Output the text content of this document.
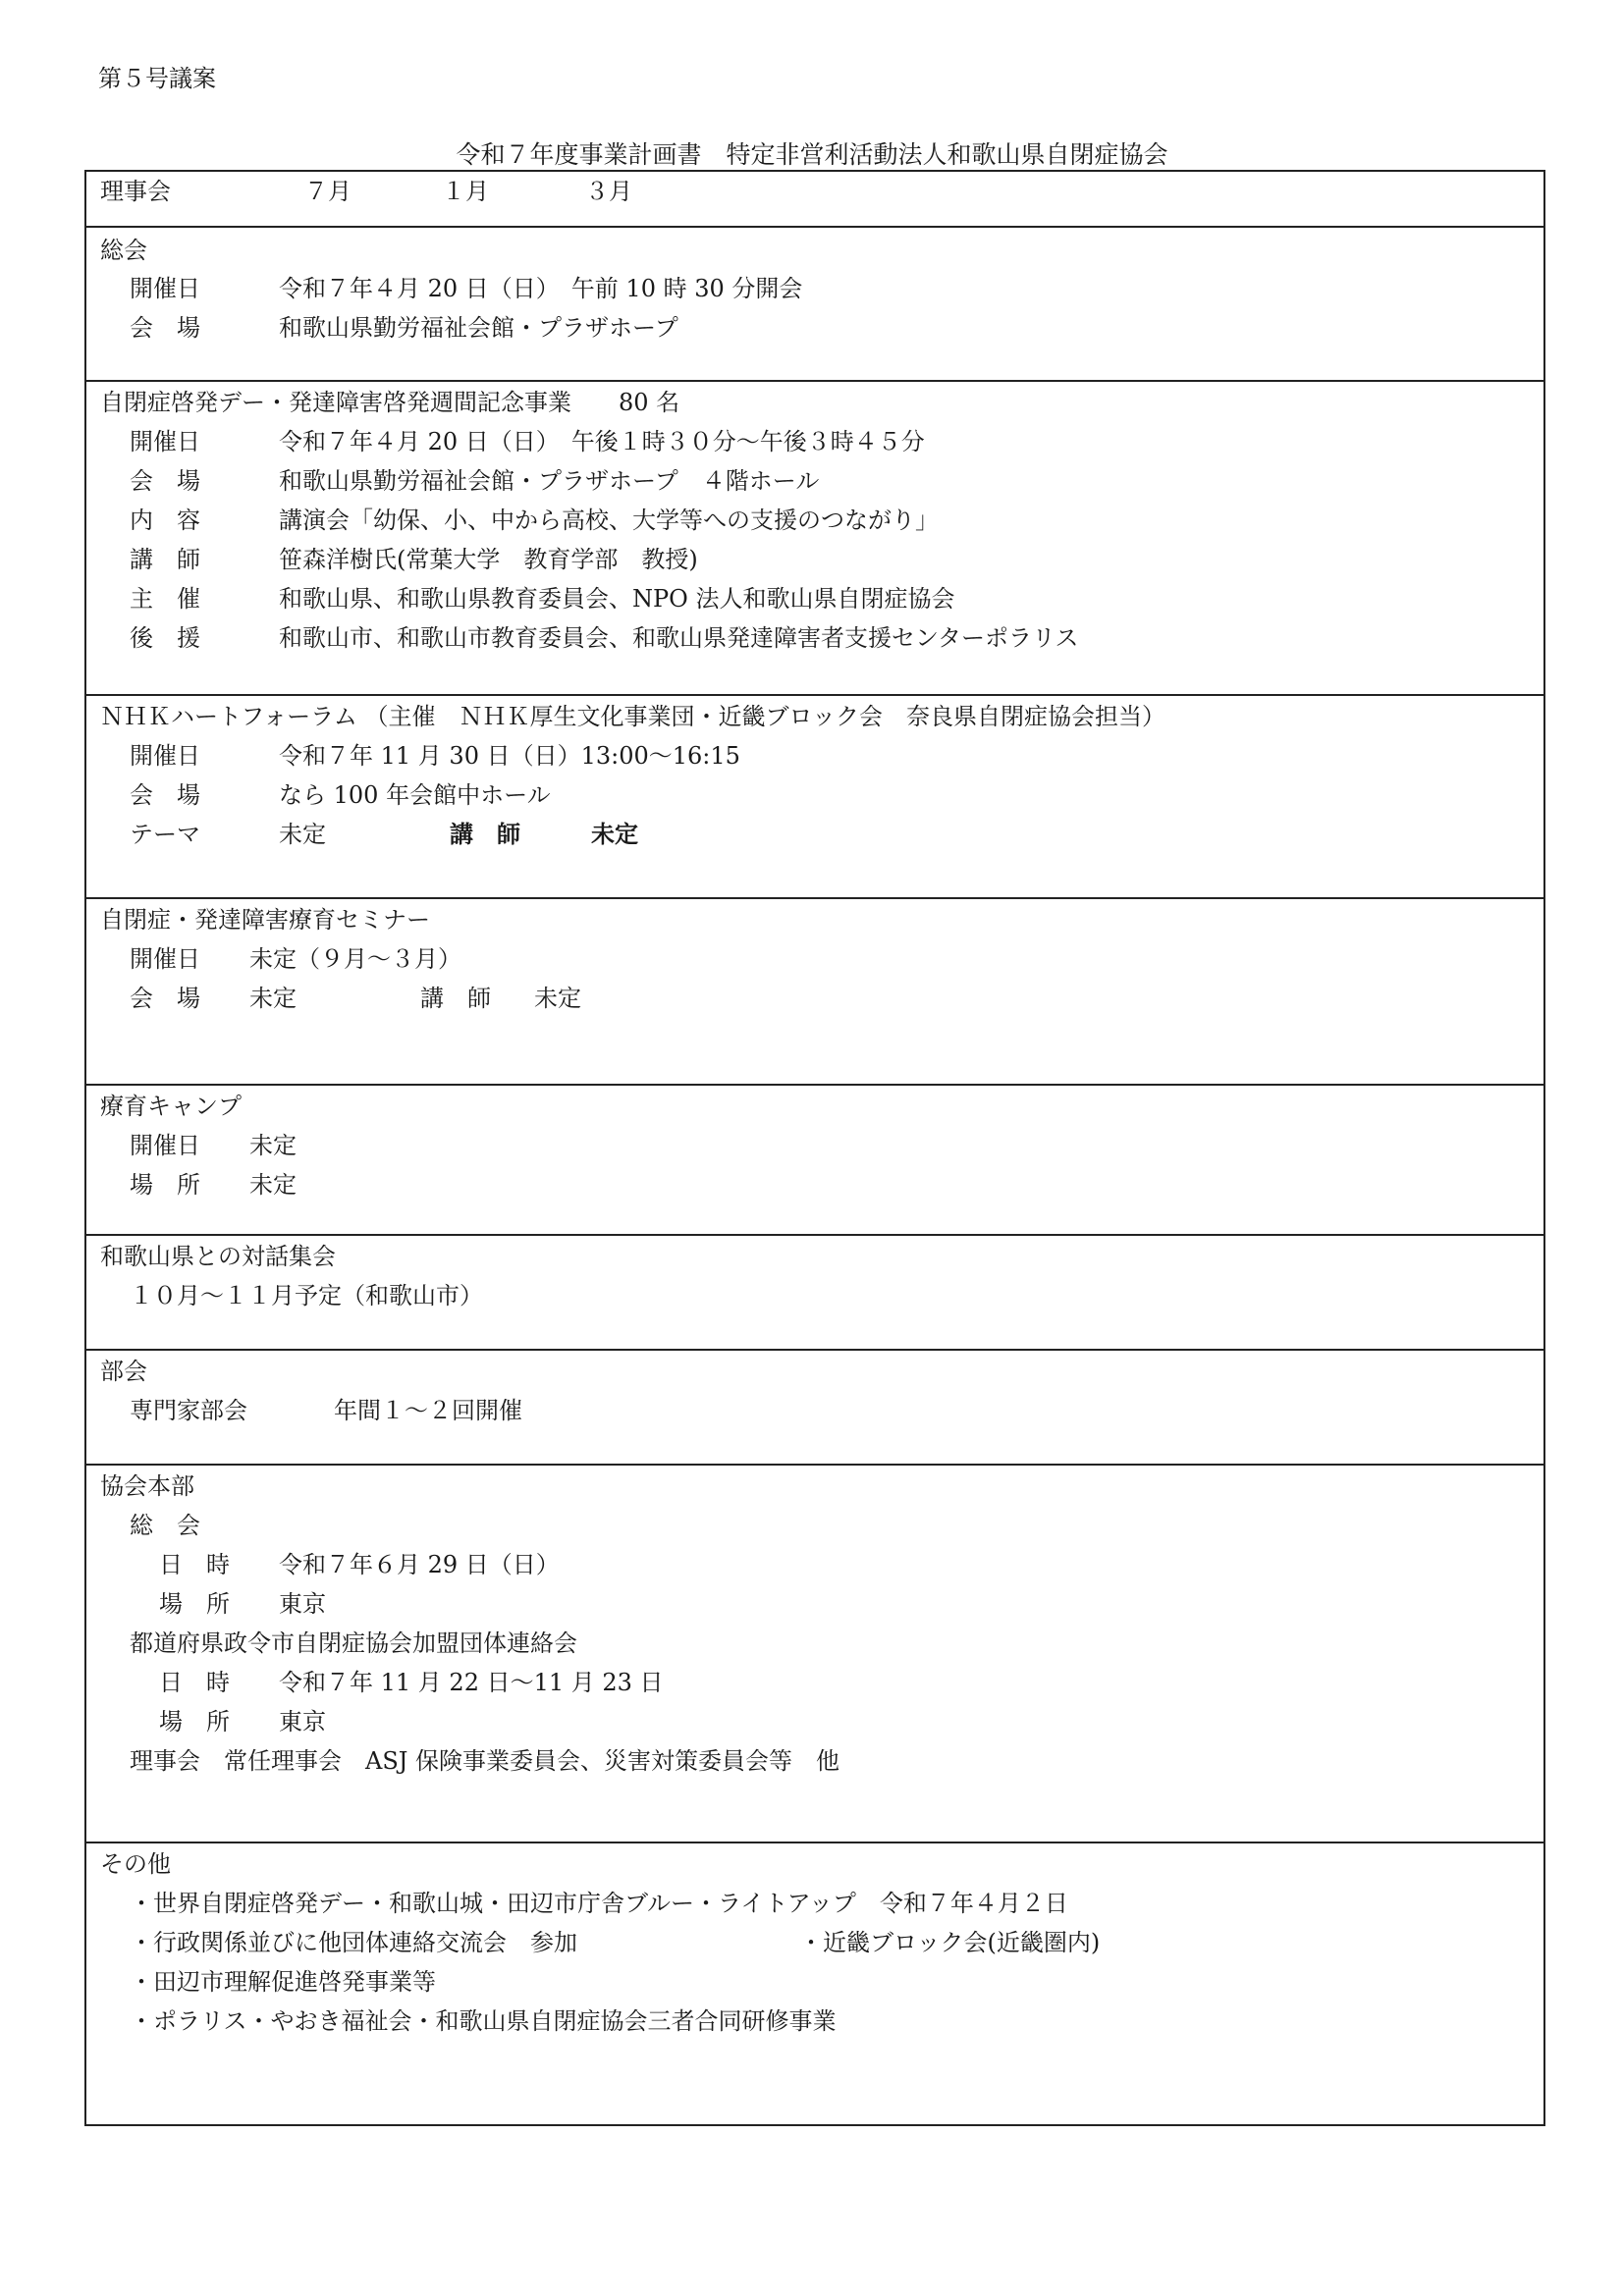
第５号議案
令和７年度事業計画書　特定非営利活動法人和歌山県自閉症協会
理事会	７月	１月	３月
総会
開催日	令和７年４月 20 日（日）　午前 10 時 30 分開会
会　場	和歌山県勤労福祉会館・プラザホープ
自閉症啓発デー・発達障害啓発週間記念事業　　80 名
開催日	令和７年４月 20 日（日）　午後１時３０分～午後３時４５分
会　場	和歌山県勤労福祉会館・プラザホープ　４階ホール
内　容	講演会「幼保、小、中から高校、大学等への支援のつながり」
講　師	笹森洋樹氏(常葉大学　教育学部　教授)
主　催	和歌山県、和歌山県教育委員会、NPO 法人和歌山県自閉症協会
後　援	和歌山市、和歌山市教育委員会、和歌山県発達障害者支援センターポラリス
ＮＨＫハートフォーラム （主催　ＮＨＫ厚生文化事業団・近畿ブロック会　奈良県自閉症協会担当）
開催日	令和７年 11 月 30 日（日）13:00～16:15
会　場	なら 100 年会館中ホール
テーマ	未定	講　師	未定
自閉症・発達障害療育セミナー
開催日 未定（９月～３月）
会　場 未定	講　師 未定
療育キャンプ
開催日 未定
場　所 未定
和歌山県との対話集会
１０月～１１月予定（和歌山市）
部会
専門家部会	年間１～２回開催
協会本部
総　会
日　時 令和７年６月 29 日（日）
場　所 東京
都道府県政令市自閉症協会加盟団体連絡会
日　時 令和７年 11 月 22 日～11 月 23 日
場　所 東京
理事会　常任理事会　ASJ 保険事業委員会、災害対策委員会等　他
その他
・世界自閉症啓発デー・和歌山城・田辺市庁舎ブルー・ライトアップ　令和７年４月２日
・行政関係並びに他団体連絡交流会　参加	・近畿ブロック会(近畿圏内)
・田辺市理解促進啓発事業等
・ポラリス・やおき福祉会・和歌山県自閉症協会三者合同研修事業
